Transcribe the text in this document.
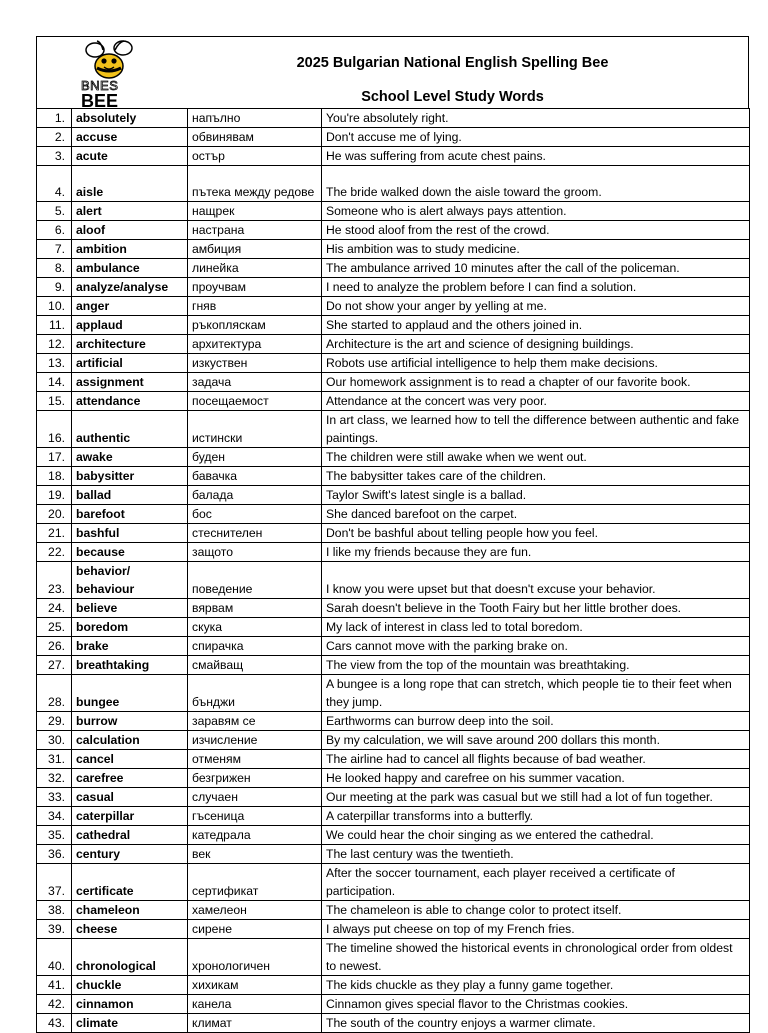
BNES
BEE
2025 Bulgarian National English Spelling Bee
School Level Study Words
1.	absolutely	напълно	You're absolutely right.
2.	accuse	обвинявам	Don't accuse me of lying.
3.	acute	остър	He was suffering from acute chest pains.
4.	aisle	пътека между редове	The bride walked down the aisle toward the groom.
5.	alert	нащрек	Someone who is alert always pays attention.
6.	aloof	настрана	He stood aloof from the rest of the crowd.
7.	ambition	амбиция	His ambition was to study medicine.
8.	ambulance	линейка	The ambulance arrived 10 minutes after the call of the policeman.
9.	analyze/analyse	проучвам	I need to analyze the problem before I can find a solution.
10.	anger	гняв	Do not show your anger by yelling at me.
11.	applaud	ръкопляскам	She started to applaud and the others joined in.
12.	architecture	архитектура	Architecture is the art and science of designing buildings.
13.	artificial	изкуствен	Robots use artificial intelligence to help them make decisions.
14.	assignment	задача	Our homework assignment is to read a chapter of our favorite book.
15.	attendance	посещаемост	Attendance at the concert was very poor.
16.	authentic	истински	In art class, we learned how to tell the difference between authentic and fake paintings.
17.	awake	буден	The children were still awake when we went out.
18.	babysitter	бавачка	The babysitter takes care of the children.
19.	ballad	балада	Taylor Swift's latest single is a ballad.
20.	barefoot	бос	She danced barefoot on the carpet.
21.	bashful	стеснителен	Don't be bashful about telling people how you feel.
22.	because	защото	I like my friends because they are fun.
23.	behavior/ behaviour	поведение	I know you were upset but that doesn't excuse your behavior.
24.	believe	вярвам	Sarah doesn't believe in the Tooth Fairy but her little brother does.
25.	boredom	скука	My lack of interest in class led to total boredom.
26.	brake	спирачка	Cars cannot move with the parking brake on.
27.	breathtaking	смайващ	The view from the top of the mountain was breathtaking.
28.	bungee	бънджи	A bungee is a long rope that can stretch, which people tie to their feet when they jump.
29.	burrow	заравям се	Earthworms can burrow deep into the soil.
30.	calculation	изчисление	By my calculation, we will save around 200 dollars this month.
31.	cancel	отменям	The airline had to cancel all flights because of bad weather.
32.	carefree	безгрижен	He looked happy and carefree on his summer vacation.
33.	casual	случаен	Our meeting at the park was casual but we still had a lot of fun together.
34.	caterpillar	гъсеница	A caterpillar transforms into a butterfly.
35.	cathedral	катедрала	We could hear the choir singing as we entered the cathedral.
36.	century	век	The last century was the twentieth.
37.	certificate	сертификат	After the soccer tournament, each player received a certificate of participation.
38.	chameleon	хамелеон	The chameleon is able to change color to protect itself.
39.	cheese	сирене	I always put cheese on top of my French fries.
40.	chronological	хронологичен	The timeline showed the historical events in chronological order from oldest to newest.
41.	chuckle	хихикам	The kids chuckle as they play a funny game together.
42.	cinnamon	канела	Cinnamon gives special flavor to the Christmas cookies.
43.	climate	климат	The south of the country enjoys a warmer climate.
